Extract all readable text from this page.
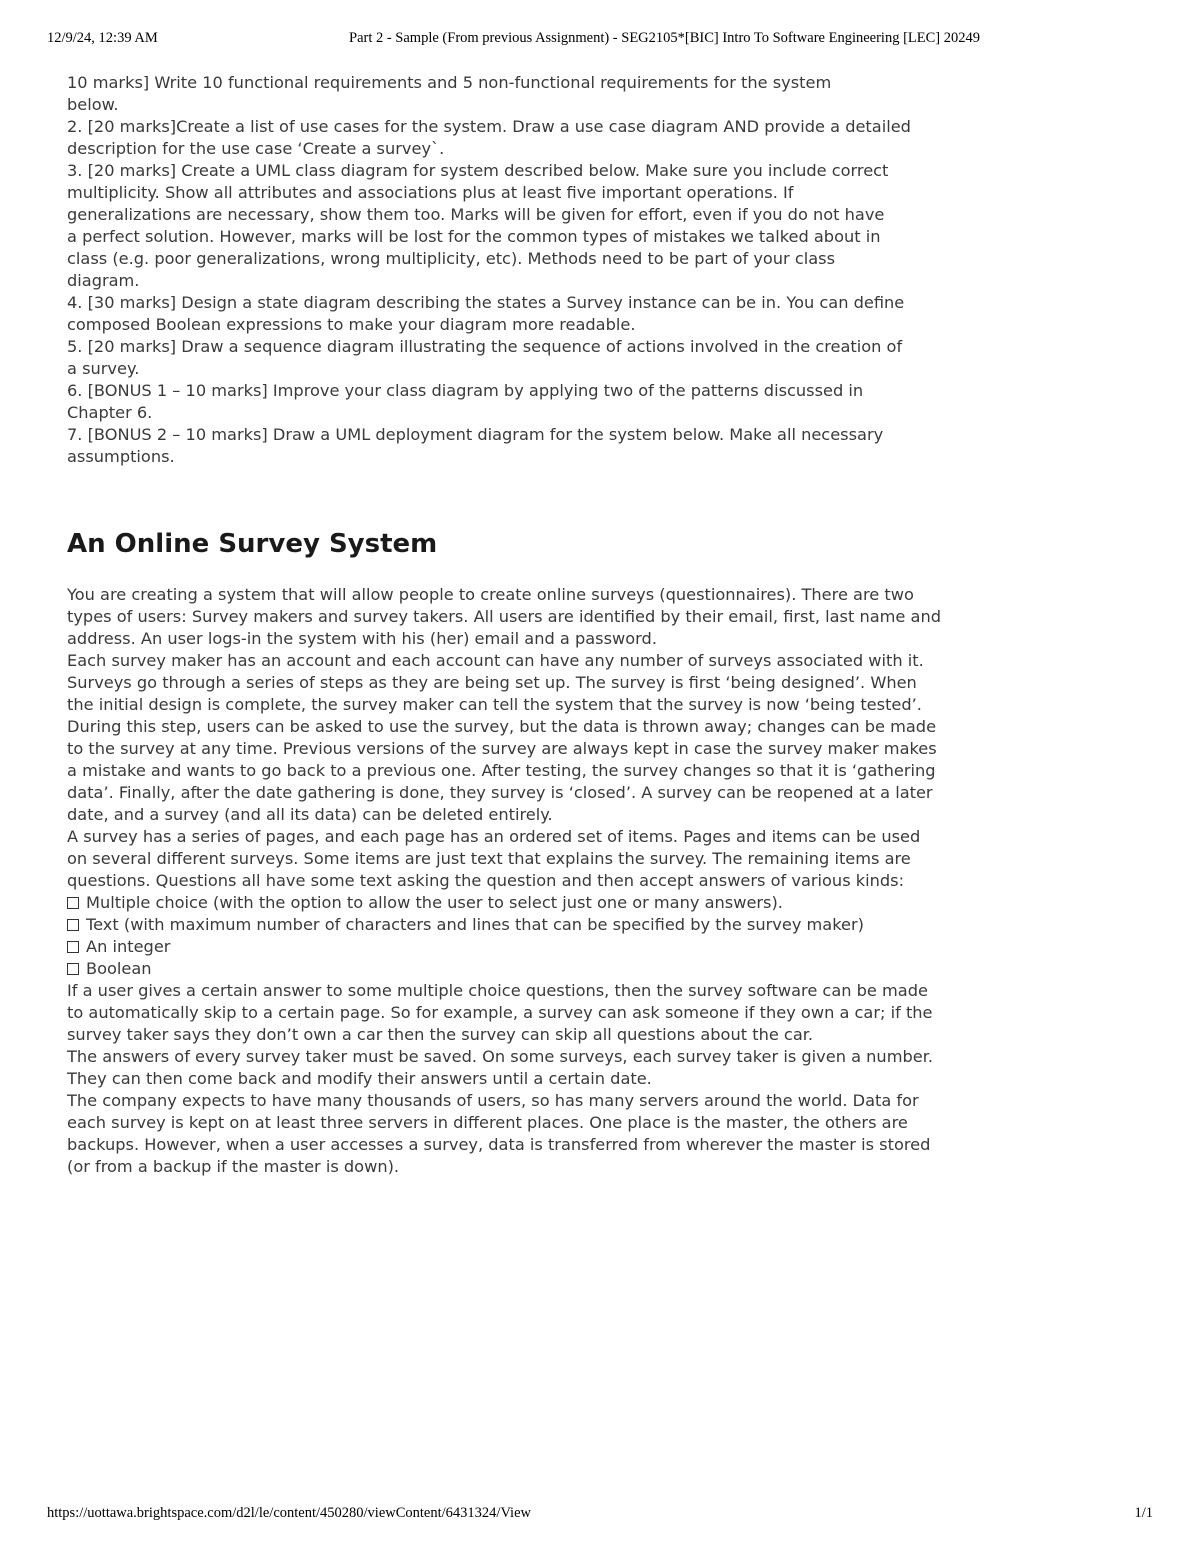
12/9/24, 12:39 AM	Part 2 - Sample (From previous Assignment) - SEG2105*[BIC] Intro To Software Engineering [LEC] 20249

10 marks] Write 10 functional requirements and 5 non-functional requirements for the system
below.

2. [20 marks]Create a list of use cases for the system. Draw a use case diagram AND provide a detailed
description for the use case ‘Create a survey`.

3. [20 marks] Create a UML class diagram for system described below. Make sure you include correct
multiplicity. Show all attributes and associations plus at least five important operations. If
generalizations are necessary, show them too. Marks will be given for effort, even if you do not have
a perfect solution. However, marks will be lost for the common types of mistakes we talked about in
class (e.g. poor generalizations, wrong multiplicity, etc). Methods need to be part of your class
diagram.

4. [30 marks] Design a state diagram describing the states a Survey instance can be in. You can define
composed Boolean expressions to make your diagram more readable.

5. [20 marks] Draw a sequence diagram illustrating the sequence of actions involved in the creation of
a survey.

6. [BONUS 1 – 10 marks] Improve your class diagram by applying two of the patterns discussed in
Chapter 6.

7. [BONUS 2 – 10 marks] Draw a UML deployment diagram for the system below. Make all necessary
assumptions.

An Online Survey System
You are creating a system that will allow people to create online surveys (questionnaires). There are two
types of users: Survey makers and survey takers. All users are identified by their email, first, last name and
address. An user logs-in the system with his (her) email and a password.
Each survey maker has an account and each account can have any number of surveys associated with it.
Surveys go through a series of steps as they are being set up. The survey is first ‘being designed’. When
the initial design is complete, the survey maker can tell the system that the survey is now ‘being tested’.
During this step, users can be asked to use the survey, but the data is thrown away; changes can be made
to the survey at any time. Previous versions of the survey are always kept in case the survey maker makes
a mistake and wants to go back to a previous one. After testing, the survey changes so that it is ‘gathering
data’. Finally, after the date gathering is done, they survey is ‘closed’. A survey can be reopened at a later
date, and a survey (and all its data) can be deleted entirely.
A survey has a series of pages, and each page has an ordered set of items. Pages and items can be used
on several different surveys. Some items are just text that explains the survey. The remaining items are
questions. Questions all have some text asking the question and then accept answers of various kinds:
Multiple choice (with the option to allow the user to select just one or many answers).
Text (with maximum number of characters and lines that can be specified by the survey maker)
An integer
Boolean
If a user gives a certain answer to some multiple choice questions, then the survey software can be made
to automatically skip to a certain page. So for example, a survey can ask someone if they own a car; if the
survey taker says they don’t own a car then the survey can skip all questions about the car.
The answers of every survey taker must be saved. On some surveys, each survey taker is given a number.
They can then come back and modify their answers until a certain date.
The company expects to have many thousands of users, so has many servers around the world. Data for
each survey is kept on at least three servers in different places. One place is the master, the others are
backups. However, when a user accesses a survey, data is transferred from wherever the master is stored
(or from a backup if the master is down).
https://uottawa.brightspace.com/d2l/le/content/450280/viewContent/6431324/View	1/1
